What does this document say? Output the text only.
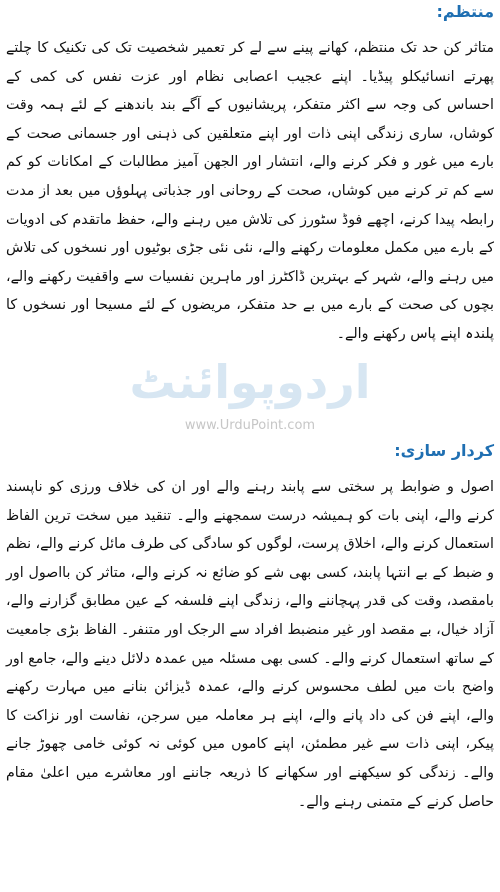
منتظم:

متاثر کن حد تک منتظم، کھانے پینے سے لے کر تعمیر شخصیت تک کی تکنیک کا چلتے پھرتے انسائیکلو پیڈیا۔ اپنے عجیب اعصابی نظام اور عزت نفس کی کمی کے احساس کی وجہ سے اکثر متفکر، پریشانیوں کے آگے بند باندھنے کے لئے ہمہ وقت کوشاں، ساری زندگی اپنی ذات اور اپنے متعلقین کی ذہنی اور جسمانی صحت کے بارے میں غور و فکر کرنے والے، انتشار اور الجھن آمیز مطالبات کے امکانات کو کم سے کم تر کرنے میں کوشاں، صحت کے روحانی اور جذباتی پہلوؤں میں بعد از مدت رابطہ پیدا کرنے، اچھے فوڈ سٹورز کی تلاش میں رہنے والے، حفظ ماتقدم کی ادویات کے بارے میں مکمل معلومات رکھنے والے، نئی نئی جڑی بوٹیوں اور نسخوں کی تلاش میں رہنے والے، شہر کے بہترین ڈاکٹرز اور ماہرین نفسیات سے واقفیت رکھنے والے، بچوں کی صحت کے بارے میں بے حد متفکر، مریضوں کے لئے مسیحا اور نسخوں کا پلندہ اپنے پاس رکھنے والے۔

اردوپوائنٹ
www.UrduPoint.com
کردار سازی:

اصول و ضوابط پر سختی سے پابند رہنے والے اور ان کی خلاف ورزی کو ناپسند کرنے والے، اپنی بات کو ہمیشہ درست سمجھنے والے۔ تنقید میں سخت ترین الفاظ استعمال کرنے والے، اخلاق پرست، لوگوں کو سادگی کی طرف مائل کرنے والے، نظم و ضبط کے بے انتہا پابند، کسی بھی شے کو ضائع نہ کرنے والے، متاثر کن بااصول اور بامقصد، وقت کی قدر پہچاننے والے، زندگی اپنے فلسفہ کے عین مطابق گزارنے والے، آزاد خیال، بے مقصد اور غیر منضبط افراد سے الرجک اور متنفر۔ الفاظ بڑی جامعیت کے ساتھ استعمال کرنے والے۔ کسی بھی مسئلہ میں عمدہ دلائل دینے والے، جامع اور واضح بات میں لطف محسوس کرنے والے، عمدہ ڈیزائن بنانے میں مہارت رکھنے والے، اپنے فن کی داد پانے والے، اپنے ہر معاملہ میں سرجن، نفاست اور نزاکت کا پیکر، اپنی ذات سے غیر مطمئن، اپنے کاموں میں کوئی نہ کوئی خامی چھوڑ جانے والے۔ زندگی کو سیکھنے اور سکھانے کا ذریعہ جاننے اور معاشرے میں اعلیٰ مقام حاصل کرنے کے متمنی رہنے والے۔
